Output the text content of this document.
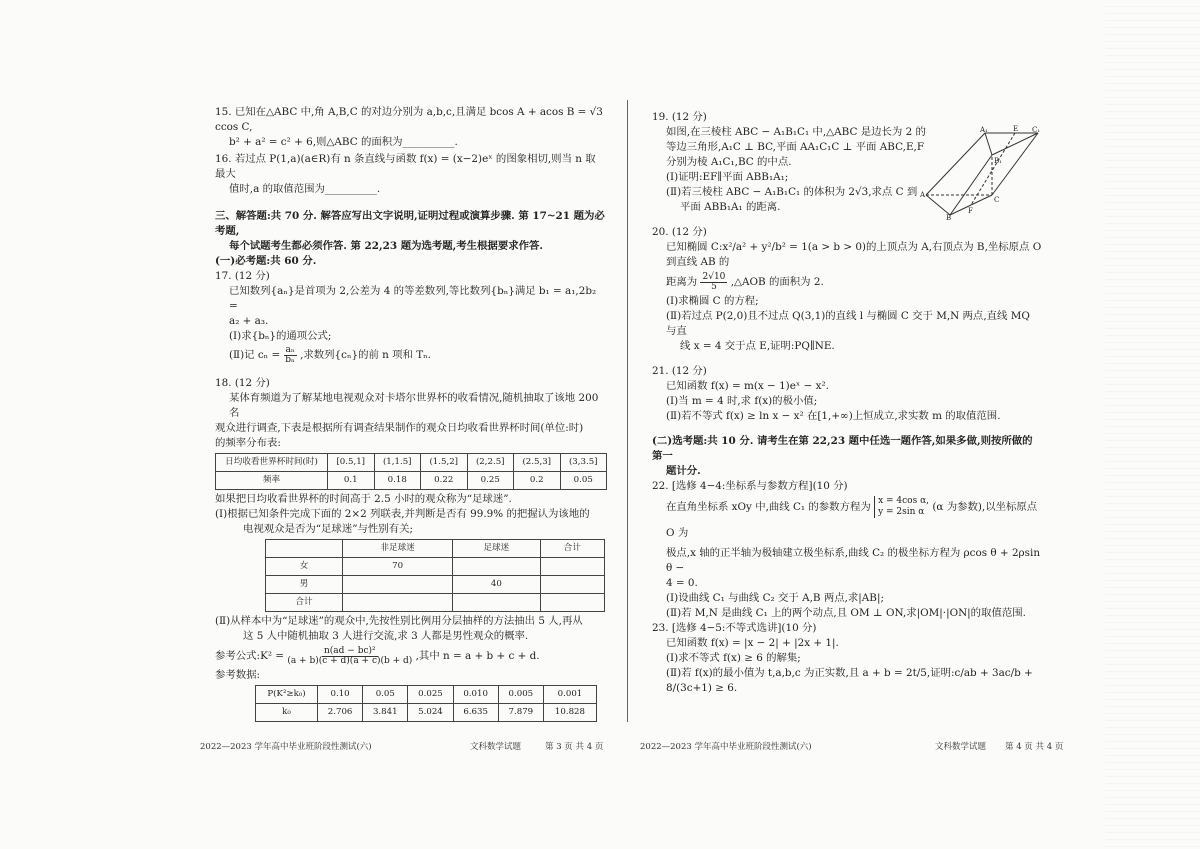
15. 已知在△ABC 中,角 A,B,C 的对边分别为 a,b,c,且满足 bcos A + acos B = √3 ccos C,

b² + a² = c² + 6,则△ABC 的面积为__________.

16. 若过点 P(1,a)(a∈R)有 n 条直线与函数 f(x) = (x−2)eˣ 的图象相切,则当 n 取最大

值时,a 的取值范围为__________.

三、解答题:共 70 分. 解答应写出文字说明,证明过程或演算步骤. 第 17~21 题为必考题,

每个试题考生都必须作答. 第 22,23 题为选考题,考生根据要求作答.

(一)必考题:共 60 分.

17. (12 分)

已知数列{aₙ}是首项为 2,公差为 4 的等差数列,等比数列{bₙ}满足 b₁ = a₁,2b₂ =

a₂ + a₃.

(Ⅰ)求{bₙ}的通项公式;

(Ⅱ)记 $c_n = \frac{\text{aₙ}}{\text{bₙ}}$ ,求数列{cₙ}的前 n 项和 Tₙ.

18. (12 分)

某体育频道为了解某地电视观众对卡塔尔世界杯的收看情况,随机抽取了该地 200 名

观众进行调查,下表是根据所有调查结果制作的观众日均收看世界杯时间(单位:时)

的频率分布表:

日均收看世界杯时间(时)	[0.5,1]	(1,1.5]	(1.5,2]	(2,2.5]	(2.5,3]	(3,3.5]
频率	0.1	0.18	0.22	0.25	0.2	0.05

如果把日均收看世界杯的时间高于 2.5 小时的观众称为“足球迷”.

(Ⅰ)根据已知条件完成下面的 2×2 列联表,并判断是否有 99.9% 的把握认为该地的

电视观众是否为“足球迷”与性别有关;

	非足球迷	足球迷	合计
女	70		
男		40	
合计			

(Ⅱ)从样本中为“足球迷”的观众中,先按性别比例用分层抽样的方法抽出 5 人,再从

这 5 人中随机抽取 3 人进行交流,求 3 人都是男性观众的概率.

参考公式:K² = $\frac{\text{n(ad − bc)²}}{(a + b)(c + d)(a + c)(b + d)}$ ,其中 n = a + b + c + d.

参考数据:

P(K²≥k₀)	0.10	0.05	0.025	0.010	0.005	0.001
k₀	2.706	3.841	5.024	6.635	7.879	10.828

19. (12 分)

如图,在三棱柱 ABC − A₁B₁C₁ 中,△ABC 是边长为 2 的

等边三角形,A₁C ⊥ BC,平面 AA₁C₁C ⊥ 平面 ABC,E,F

分别为棱 A₁C₁,BC 的中点.

(Ⅰ)证明:EF∥平面 ABB₁A₁;

(Ⅱ)若三棱柱 ABC − A₁B₁C₁ 的体积为 2√3,求点 C 到

平面 ABB₁A₁ 的距离.

20. (12 分)

已知椭圆 C:x²/a² + y²/b² = 1(a > b > 0)的上顶点为 A,右顶点为 B,坐标原点 O 到直线 AB 的

距离为 $\frac{2√10}{5}$ ,△AOB 的面积为 2.

(Ⅰ)求椭圆 C 的方程;

(Ⅱ)若过点 P(2,0)且不过点 Q(3,1)的直线 l 与椭圆 C 交于 M,N 两点,直线 MQ 与直

线 x = 4 交于点 E,证明:PQ∥NE.

21. (12 分)

已知函数 f(x) = m(x − 1)eˣ − x².

(Ⅰ)当 m = 4 时,求 f(x)的极小值;

(Ⅱ)若不等式 f(x) ≥ ln x − x² 在[1,+∞)上恒成立,求实数 m 的取值范围.

(二)选考题:共 10 分. 请考生在第 22,23 题中任选一题作答,如果多做,则按所做的第一

题计分.

22. [选修 4−4:坐标系与参数方程](10 分)

在直角坐标系 xOy 中,曲线 C₁ 的参数方程为 x = 4cos α,
y = 2sin α (α 为参数),以坐标原点 O 为

极点,x 轴的正半轴为极轴建立极坐标系,曲线 C₂ 的极坐标方程为 ρcos θ + 2ρsin θ −

4 = 0.

(Ⅰ)设曲线 C₁ 与曲线 C₂ 交于 A,B 两点,求|AB|;

(Ⅱ)若 M,N 是曲线 C₁ 上的两个动点,且 OM ⊥ ON,求|OM|·|ON|的取值范围.

23. [选修 4−5:不等式选讲](10 分)

已知函数 f(x) = |x − 2| + |2x + 1|.

(Ⅰ)求不等式 f(x) ≥ 6 的解集;

(Ⅱ)若 f(x)的最小值为 t,a,b,c 为正实数,且 a + b = 2t/5,证明:c/ab + 3ac/b + 8/(3c+1) ≥ 6.

A₁	E C₁
B₁
A
C
B
F
2022—2023 学年高中毕业班阶段性测试(六)	文科数学试题	第 3 页 共 4 页	2022—2023 学年高中毕业班阶段性测试(六)	文科数学试题 第 4 页 共 4 页
